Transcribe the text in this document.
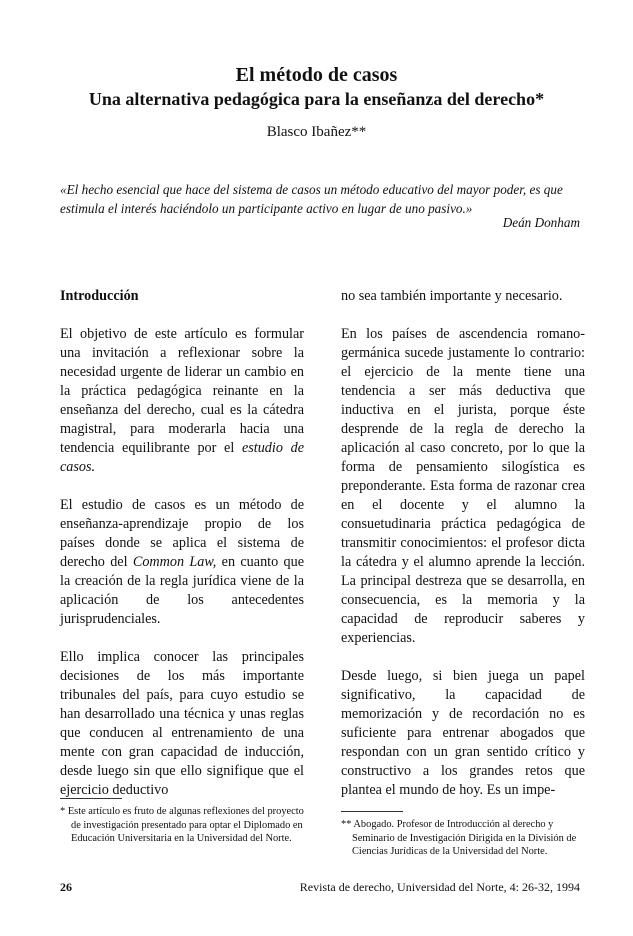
El método de casos
Una alternativa pedagógica para la enseñanza del derecho*
Blasco Ibañez**
«El hecho esencial que hace del sistema de casos un método educativo del mayor poder, es que estimula el interés haciéndolo un participante activo en lugar de uno pasivo.»
Deán Donham

Introducción

El objetivo de este artículo es formular una invitación a reflexionar sobre la necesidad urgente de liderar un cambio en la práctica pedagógica reinante en la enseñanza del derecho, cual es la cátedra magistral, para moderarla hacia una tendencia equilibrante por el estudio de casos.

El estudio de casos es un método de enseñanza-aprendizaje propio de los países donde se aplica el sistema de derecho del Common Law, en cuanto que la creación de la regla jurídica viene de la aplicación de los antecedentes jurisprudenciales.

Ello implica conocer las principales decisiones de los más importante tribunales del país, para cuyo estudio se han desarrollado una técnica y unas reglas que conducen al entrenamiento de una mente con gran capacidad de inducción, desde luego sin que ello signifique que el ejercicio deductivo

no sea también importante y necesario.

En los países de ascendencia romano-germánica sucede justamente lo contrario: el ejercicio de la mente tiene una tendencia a ser más deductiva que inductiva en el jurista, porque éste desprende de la regla de derecho la aplicación al caso concreto, por lo que la forma de pensamiento silogística es preponderante. Esta forma de razonar crea en el docente y el alumno la consuetudinaria práctica pedagógica de transmitir conocimientos: el profesor dicta la cátedra y el alumno aprende la lección. La principal destreza que se desarrolla, en consecuencia, es la memoria y la capacidad de reproducir saberes y experiencias.

Desde luego, si bien juega un papel significativo, la capacidad de memorización y de recordación no es suficiente para entrenar abogados que respondan con un gran sentido crítico y constructivo a los grandes retos que plantea el mundo de hoy. Es un impe-

* Este artículo es fruto de algunas reflexiones del proyecto de investigación presentado para optar el Diplomado en Educación Universitaria en la Universidad del Norte.

** Abogado. Profesor de Introducción al derecho y Seminario de Investigación Dirigida en la División de Ciencias Jurídicas de la Universidad del Norte.

26	Revista de derecho, Universidad del Norte, 4: 26-32, 1994
